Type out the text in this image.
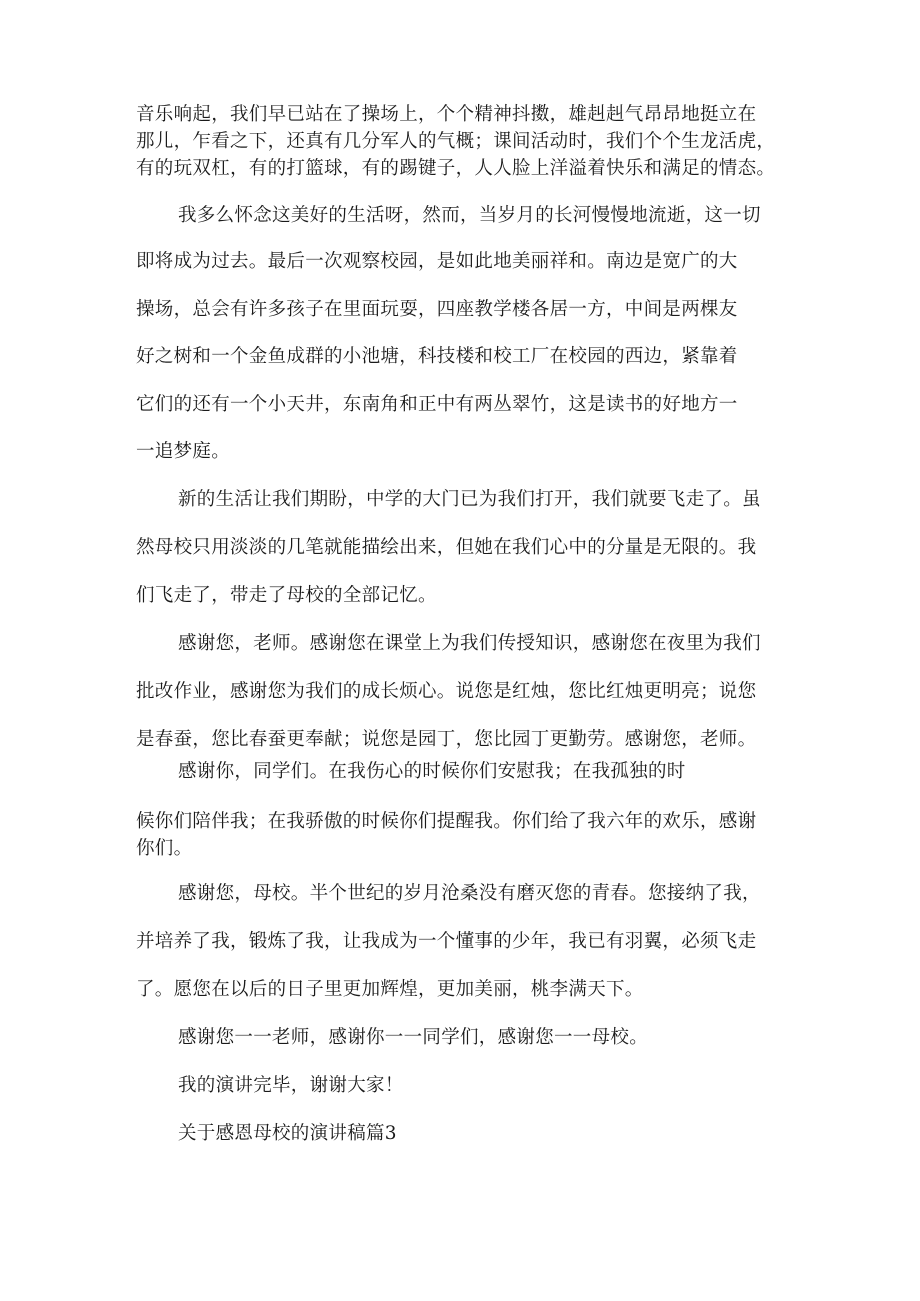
音乐响起，我们早已站在了操场上，个个精神抖擞，雄赳赳气昂昂地挺立在
那儿，乍看之下，还真有几分军人的气概；课间活动时，我们个个生龙活虎，
有的玩双杠，有的打篮球，有的踢键子，人人脸上洋溢着快乐和满足的情态。
我多么怀念这美好的生活呀，然而，当岁月的长河慢慢地流逝，这一切
即将成为过去。最后一次观察校园，是如此地美丽祥和。南边是宽广的大
操场，总会有许多孩子在里面玩耍，四座教学楼各居一方，中间是两棵友
好之树和一个金鱼成群的小池塘，科技楼和校工厂在校园的西边，紧靠着
它们的还有一个小天井，东南角和正中有两丛翠竹，这是读书的好地方一
一追梦庭。
新的生活让我们期盼，中学的大门已为我们打开，我们就要飞走了。虽
然母校只用淡淡的几笔就能描绘出来，但她在我们心中的分量是无限的。我
们飞走了，带走了母校的全部记忆。
感谢您，老师。感谢您在课堂上为我们传授知识，感谢您在夜里为我们
批改作业，感谢您为我们的成长烦心。说您是红烛，您比红烛更明亮；说您
是春蚕，您比春蚕更奉献；说您是园丁，您比园丁更勤劳。感谢您，老师。
感谢你，同学们。在我伤心的时候你们安慰我；在我孤独的时
候你们陪伴我；在我骄傲的时候你们提醒我。你们给了我六年的欢乐，感谢
你们。
感谢您，母校。半个世纪的岁月沧桑没有磨灭您的青春。您接纳了我，
并培养了我，锻炼了我，让我成为一个懂事的少年，我已有羽翼，必须飞走
了。愿您在以后的日子里更加辉煌，更加美丽，桃李满天下。
感谢您一一老师，感谢你一一同学们，感谢您一一母校。
我的演讲完毕，谢谢大家！
关于感恩母校的演讲稿篇3
